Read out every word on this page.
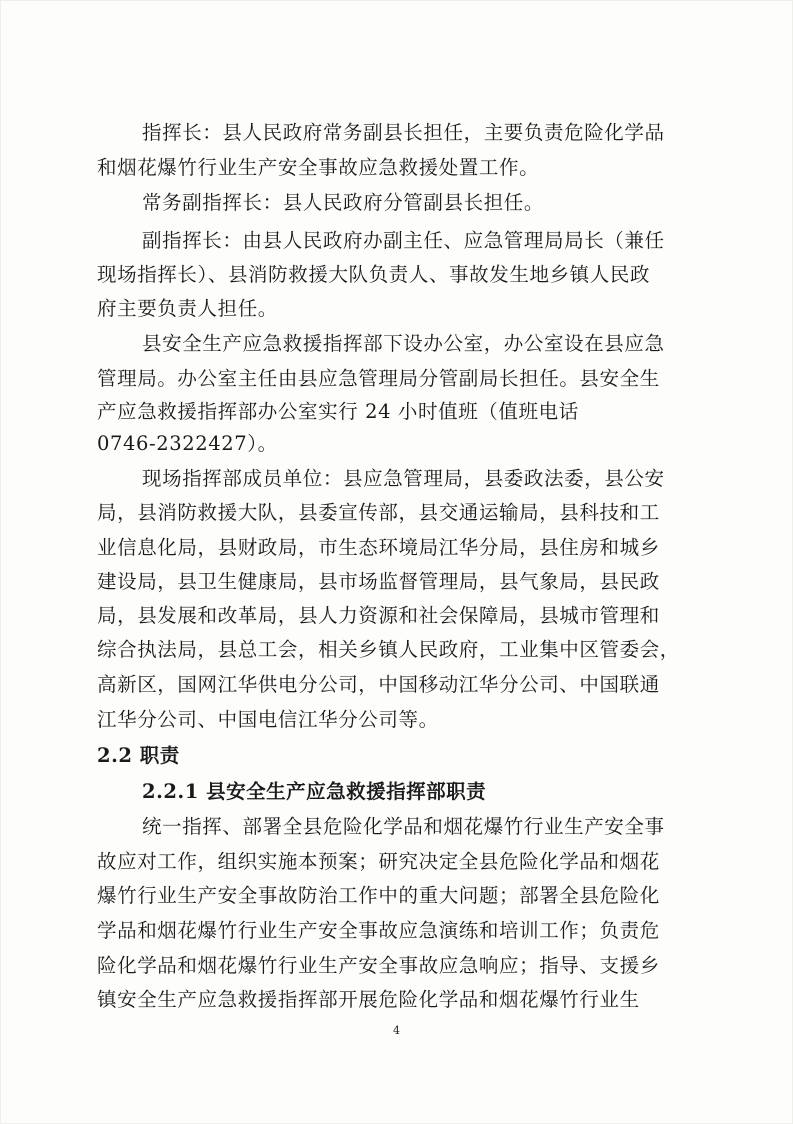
指挥长：县人民政府常务副县长担任，主要负责危险化学品
和烟花爆竹行业生产安全事故应急救援处置工作。
常务副指挥长：县人民政府分管副县长担任。
副指挥长：由县人民政府办副主任、应急管理局局长（兼任
现场指挥长）、县消防救援大队负责人、事故发生地乡镇人民政
府主要负责人担任。
县安全生产应急救援指挥部下设办公室，办公室设在县应急
管理局。办公室主任由县应急管理局分管副局长担任。县安全生
产应急救援指挥部办公室实行 24 小时值班（值班电话
0746-2322427）。
现场指挥部成员单位：县应急管理局，县委政法委，县公安
局，县消防救援大队，县委宣传部，县交通运输局，县科技和工
业信息化局，县财政局，市生态环境局江华分局，县住房和城乡
建设局，县卫生健康局，县市场监督管理局，县气象局，县民政
局，县发展和改革局，县人力资源和社会保障局，县城市管理和
综合执法局，县总工会，相关乡镇人民政府，工业集中区管委会，
高新区，国网江华供电分公司，中国移动江华分公司、中国联通
江华分公司、中国电信江华分公司等。
2.2 职责
2.2.1 县安全生产应急救援指挥部职责
统一指挥、部署全县危险化学品和烟花爆竹行业生产安全事
故应对工作，组织实施本预案；研究决定全县危险化学品和烟花
爆竹行业生产安全事故防治工作中的重大问题；部署全县危险化
学品和烟花爆竹行业生产安全事故应急演练和培训工作；负责危
险化学品和烟花爆竹行业生产安全事故应急响应；指导、支援乡
镇安全生产应急救援指挥部开展危险化学品和烟花爆竹行业生
4
